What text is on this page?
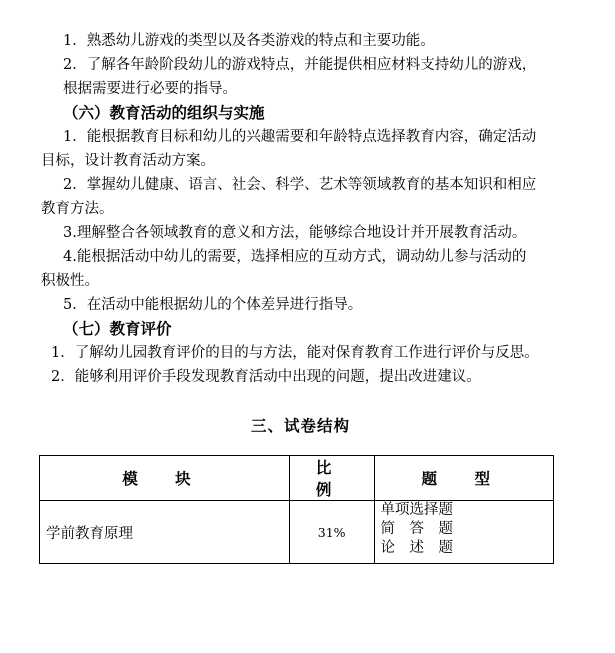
1．熟悉幼儿游戏的类型以及各类游戏的特点和主要功能。
2．了解各年龄阶段幼儿的游戏特点，并能提供相应材料支持幼儿的游戏，
根据需要进行必要的指导。
（六）教育活动的组织与实施
1．能根据教育目标和幼儿的兴趣需要和年龄特点选择教育内容，确定活动
目标，设计教育活动方案。
2．掌握幼儿健康、语言、社会、科学、艺术等领域教育的基本知识和相应
教育方法。
3.理解整合各领域教育的意义和方法，能够综合地设计并开展教育活动。
4.能根据活动中幼儿的需要，选择相应的互动方式，调动幼儿参与活动的
积极性。
5．在活动中能根据幼儿的个体差异进行指导。
（七）教育评价
1．了解幼儿园教育评价的目的与方法，能对保育教育工作进行评价与反思。
2．能够利用评价手段发现教育活动中出现的问题，提出改进建议。
三、试卷结构
模 块	比 例	题 型
学前教育原理	31%	单项选择题
简　答　题
论　述　题
